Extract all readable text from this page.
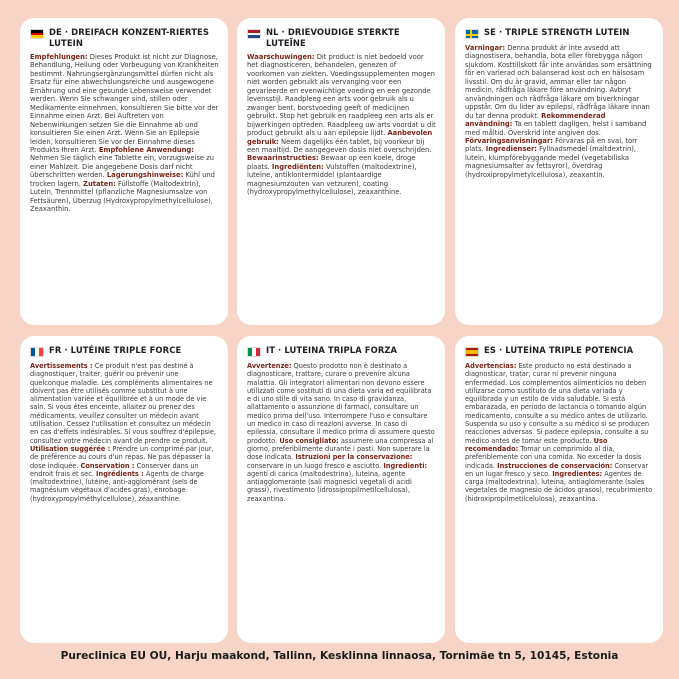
DE · DREIFACH KONZENT-RIERTES LUTEIN

Empfehlungen: Dieses Produkt ist nicht zur Diagnose, Behandlung, Heilung oder Vorbeugung von Krankheiten bestimmt. Nahrungsergänzungsmittel dürfen nicht als Ersatz für eine abwechslungsreiche und ausgewogene Ernährung und eine gesunde Lebensweise verwendet werden. Wenn Sie schwanger sind, stillen oder Medikamente einnehmen, konsultieren Sie bitte vor der Einnahme einen Arzt. Bei Auftreten von Nebenwirkungen setzen Sie die Einnahme ab und konsultieren Sie einen Arzt. Wenn Sie an Epilepsie leiden, konsultieren Sie vor der Einnahme dieses Produkts Ihren Arzt. Empfohlene Anwendung: Nehmen Sie täglich eine Tablette ein, vorzugsweise zu einer Mahlzeit. Die angegebene Dosis darf nicht überschritten werden. Lagerungshinweise: Kühl und trocken lagern. Zutaten: Füllstoffe (Maltodextrin), Lutein, Trennmittel (pflanzliche Magnesiumsalze von Fettsäuren), Überzug (Hydroxypropylmethylcellulose), Zeaxanthin.

NL · DRIEVOUDIGE STERKTE LUTEÏNE

Waarschuwingen: Dit product is niet bedoeld voor het diagnosticeren, behandelen, genezen of voorkomen van ziekten. Voedingssupplementen mogen niet worden gebruikt als vervanging voor een gevarieerde en evenwichtige voeding en een gezonde levensstijl. Raadpleeg een arts voor gebruik als u zwanger bent, borstvoeding geeft of medicijnen gebruikt. Stop het gebruik en raadpleeg een arts als er bijwerkingen optreden. Raadpleeg uw arts voordat u dit product gebruikt als u aan epilepsie lijdt. Aanbevolen gebruik: Neem dagelijks één tablet, bij voorkeur bij een maaltijd. De aangegeven dosis niet overschrijden. Bewaarinstructies: Bewaar op een koele, droge plaats. Ingrediënten: Vulstoffen (maltodextrine), luteïne, antiklontermiddel (plantaardige magnesiumzouten van vetzuren), coating (hydroxypropylmethylcellulose), zeaxanthine.

SE · TRIPLE STRENGTH LUTEIN

Varningar: Denna produkt är inte avsedd att diagnostisera, behandla, bota eller förebygga någon sjukdom. Kosttillskott får inte användas som ersättning för en varierad och balanserad kost och en hälsosam livsstil. Om du är gravid, ammar eller tar någon medicin, rådfråga läkare före användning. Avbryt användningen och rådfråga läkare om biverkningar uppstår. Om du lider av epilepsi, rådfråga läkare innan du tar denna produkt. Rekommenderad användning: Ta en tablett dagligen, helst i samband med måltid. Överskrid inte angiven dos. Förvaringsanvisningar: Förvaras på en sval, torr plats. Ingredienser: Fyllnadsmedel (maltdextrin), lutein, klumpförebyggande medel (vegetabiliska magnesiumsalter av fettsyror), överdrag (hydroxipropylmetylcellulosa), zeaxantin.

FR · LUTÉINE TRIPLE FORCE

Avertissements : Ce produit n'est pas destiné à diagnostiquer, traiter, guérir ou prévenir une quelconque maladie. Les compléments alimentaires ne doivent pas être utilisés comme substitut à une alimentation variée et équilibrée et à un mode de vie sain. Si vous êtes enceinte, allaitez ou prenez des médicaments, veuillez consulter un médecin avant utilisation. Cessez l'utilisation et consultez un médecin en cas d'effets indésirables. Si vous souffrez d'épilepsie, consultez votre médecin avant de prendre ce produit. Utilisation suggérée : Prendre un comprimé par jour, de préférence au cours d'un repas. Ne pas dépasser la dose indiquée. Conservation : Conserver dans un endroit frais et sec. Ingrédients : Agents de charge (maltodextrine), lutéine, anti-agglomérant (sels de magnésium végétaux d'acides gras), enrobage (hydroxypropylméthylcellulose), zéaxanthine.

IT · LUTEINA TRIPLA FORZA

Avvertenze: Questo prodotto non è destinato a diagnosticare, trattare, curare o prevenire alcuna malattia. Gli integratori alimentari non devono essere utilizzati come sostituti di una dieta varia ed equilibrata e di uno stile di vita sano. In caso di gravidanza, allattamento o assunzione di farmaci, consultare un medico prima dell'uso. Interrompere l'uso e consultare un medico in caso di reazioni avverse. In caso di epilessia, consultare il medico prima di assumere questo prodotto. Uso consigliato: assumere una compressa al giorno, preferibilmente durante i pasti. Non superare la dose indicata. Istruzioni per la conservazione: conservare in un luogo fresco e asciutto. Ingredienti: agenti di carica (maltodestrina), luteina, agente antiagglomerante (sali magnesici vegetali di acidi grassi), rivestimento (idrossipropilmetilcellulosa), zeaxantina.

ES · LUTEÍNA TRIPLE POTENCIA

Advertencias: Este producto no está destinado a diagnosticar, tratar, curar ni prevenir ninguna enfermedad. Los complementos alimenticios no deben utilizarse como sustituto de una dieta variada y equilibrada y un estilo de vida saludable. Si está embarazada, en período de lactancia o tomando algún medicamento, consulte a su médico antes de utilizarlo. Suspenda su uso y consulte a su médico si se producen reacciones adversas. Si padece epilepsia, consulte a su médico antes de tomar este producto. Uso recomendado: Tomar un comprimido al día, preferiblemente con una comida. No exceder la dosis indicada. Instrucciones de conservación: Conservar en un lugar fresco y seco. Ingredientes: Agentes de carga (maltodextrina), luteína, antiaglomerante (sales vegetales de magnesio de ácidos grasos), recubrimiento (hidroxipropilmetilcelulosa), zeaxantina.

Pureclinica EU OU, Harju maakond, Tallinn, Kesklinna linnaosa, Tornimäe tn 5, 10145, Estonia
